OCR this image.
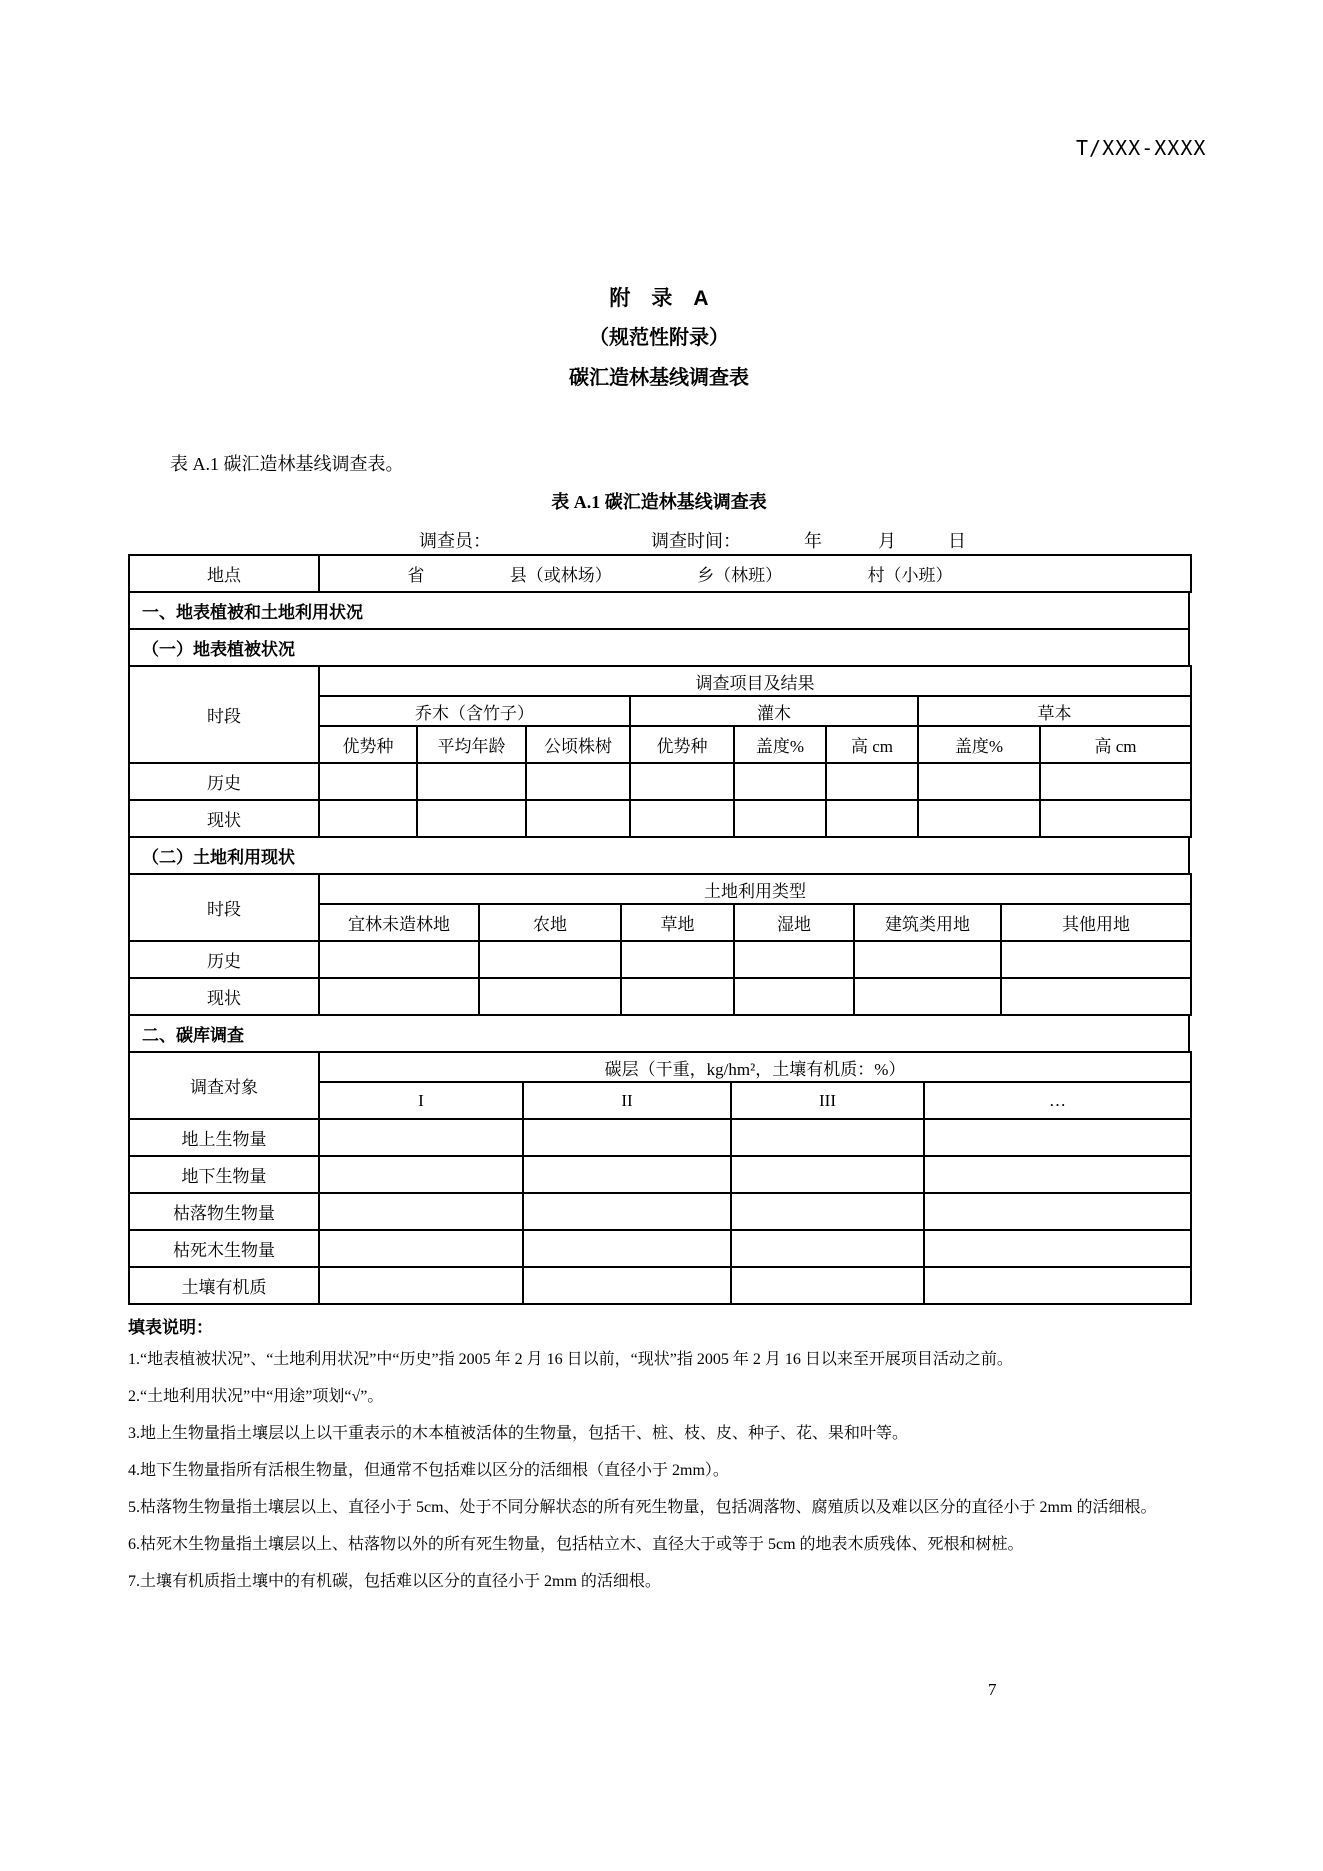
T/XXX-XXXX
附　录　A
（规范性附录）
碳汇造林基线调查表

表 A.1 碳汇造林基线调查表。

表 A.1 碳汇造林基线调查表
调查员：	调查时间：	年	月	日
地点	省	县（或林场）	乡（林班）	村（小班）
一、地表植被和土地利用状况
（一）地表植被状况
时段	调查项目及结果							
	乔木（含竹子）			灌木			草本	
	优势种	平均年龄	公顷株树	优势种	盖度%	高 cm	盖度%	高 cm
历史								
现状								
（二）土地利用现状
时段	土地利用类型					
	宜林未造林地	农地	草地	湿地	建筑类用地	其他用地
历史						
现状						
二、碳库调查
调查对象	碳层（干重，kg/hm²，土壤有机质：%）			
	I	II	III	…
地上生物量				
地下生物量				
枯落物生物量				
枯死木生物量				
土壤有机质				
填表说明：

1.“地表植被状况”、“土地利用状况”中“历史”指 2005 年 2 月 16 日以前，“现状”指 2005 年 2 月 16 日以来至开展项目活动之前。

2.“土地利用状况”中“用途”项划“√”。

3.地上生物量指土壤层以上以干重表示的木本植被活体的生物量，包括干、桩、枝、皮、种子、花、果和叶等。

4.地下生物量指所有活根生物量，但通常不包括难以区分的活细根（直径小于 2mm）。

5.枯落物生物量指土壤层以上、直径小于 5cm、处于不同分解状态的所有死生物量，包括凋落物、腐殖质以及难以区分的直径小于 2mm 的活细根。

6.枯死木生物量指土壤层以上、枯落物以外的所有死生物量，包括枯立木、直径大于或等于 5cm 的地表木质残体、死根和树桩。

7.土壤有机质指土壤中的有机碳，包括难以区分的直径小于 2mm 的活细根。

7
